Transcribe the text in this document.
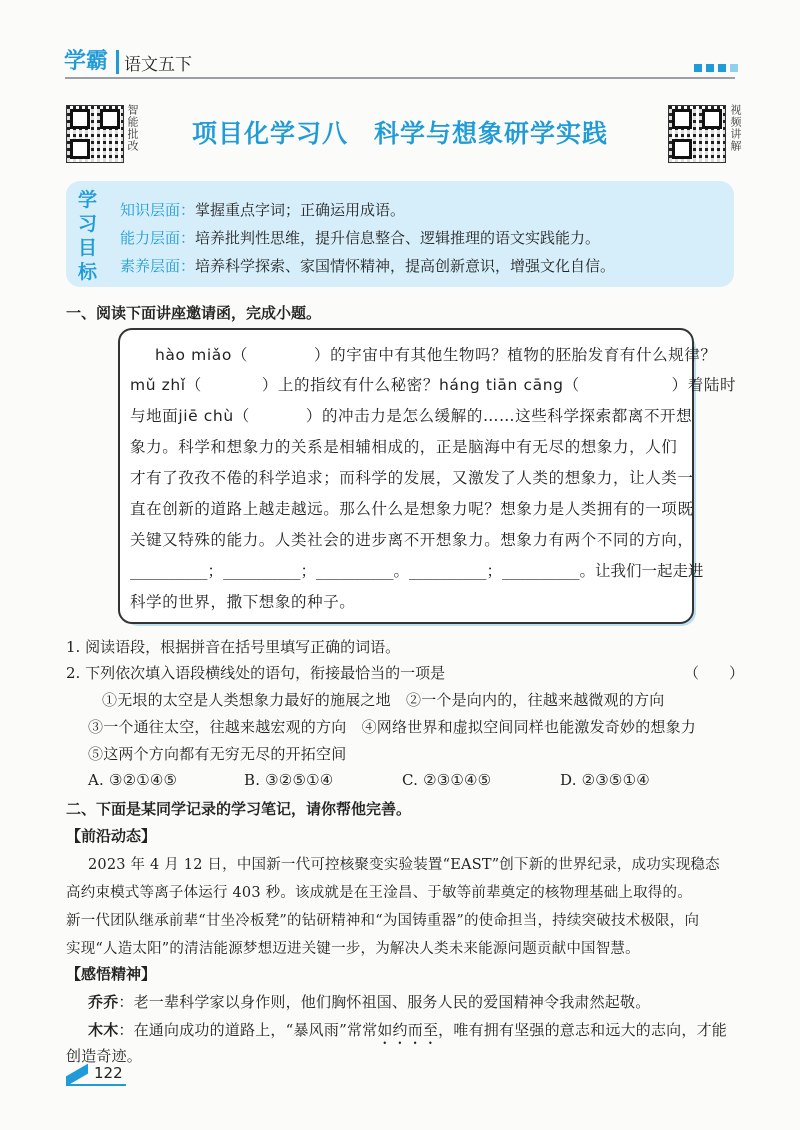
学霸 语文五下
智能批改	视频讲解
项目化学习八　科学与想象研学实践
学
习
目
标
知识层面：掌握重点字词；正确运用成语。
能力层面：培养批判性思维，提升信息整合、逻辑推理的语文实践能力。
素养层面：培养科学探索、家国情怀精神，提高创新意识，增强文化自信。
一、阅读下面讲座邀请函，完成小题。
hào miǎo（	）的宇宙中有其他生物吗？植物的胚胎发育有什么规律？
mǔ zhǐ（	）上的指纹有什么秘密？háng tiān cāng（	）着陆时
与地面jiē chù（	）的冲击力是怎么缓解的……这些科学探索都离不开想
象力。科学和想象力的关系是相辅相成的，正是脑海中有无尽的想象力，人们
才有了孜孜不倦的科学追求；而科学的发展，又激发了人类的想象力，让人类一
直在创新的道路上越走越远。那么什么是想象力呢？想象力是人类拥有的一项既
关键又特殊的能力。人类社会的进步离不开想象力。想象力有两个不同的方向，
__________；__________；__________。__________；__________。让我们一起走进
科学的世界，撒下想象的种子。
1. 阅读语段，根据拼音在括号里填写正确的词语。
2. 下列依次填入语段横线处的语句，衔接最恰当的一项是	（　　）
①无垠的太空是人类想象力最好的施展之地　②一个是向内的，往越来越微观的方向
③一个通往太空，往越来越宏观的方向　④网络世界和虚拟空间同样也能激发奇妙的想象力
⑤这两个方向都有无穷无尽的开拓空间
A. ③②①④⑤	B. ③②⑤①④	C. ②③①④⑤	D. ②③⑤①④
二、下面是某同学记录的学习笔记，请你帮他完善。
【前沿动态】
2023 年 4 月 12 日，中国新一代可控核聚变实验装置“EAST”创下新的世界纪录，成功实现稳态
高约束模式等离子体运行 403 秒。该成就是在王淦昌、于敏等前辈奠定的核物理基础上取得的。
新一代团队继承前辈“甘坐冷板凳”的钻研精神和“为国铸重器”的使命担当，持续突破技术极限，向
实现“人造太阳”的清洁能源梦想迈进关键一步，为解决人类未来能源问题贡献中国智慧。
【感悟精神】
乔乔：老一辈科学家以身作则，他们胸怀祖国、服务人民的爱国精神令我肃然起敬。
木木：在通向成功的道路上，“暴风雨”常常如约而至，唯有拥有坚强的意志和远大的志向，才能
创造奇迹。
122
